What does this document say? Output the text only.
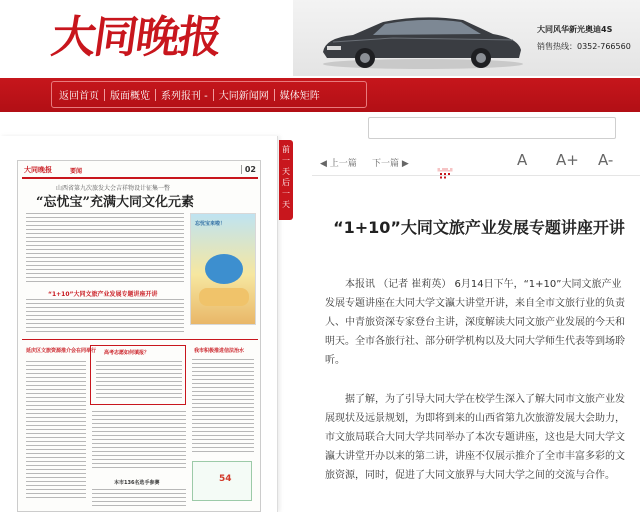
大同晚报	大同风华新光奥迪4S
销售热线：0352-766560
返回首页	版面概览	系列报刊 -	大同新闻网	媒体矩阵
2023年06月15日 星期四
大同晚报	要闻	02
山西省第九次旅发大会吉祥物设计征集一瞥
“忘忧宝”充满大同文化元素
忘忧宝来啦！
“1+10”大同文旅产业发展专题讲座开讲
延庆区文旅资源推介会在同举行 高考志愿如何填报？	我市积极推进信法治水
本市136名选手参赛	54
前
一
天
后
一
天
◀ 上一篇 下一篇 ▶	A A+ A-
“1+10”大同文旅产业发展专题讲座开讲

本报讯 （记者 崔莉英） 6月14日下午，“1+10”大同文旅产业发展专题讲座在大同大学文瀛大讲堂开讲，来自全市文旅行业的负责人、中青旅资深专家登台主讲，深度解读大同文旅产业发展的今天和明天。全市各旅行社、部分研学机构以及大同大学师生代表等到场聆听。

据了解，为了引导大同大学在校学生深入了解大同市文旅产业发展现状及远景规划，为即将到来的山西省第九次旅游发展大会助力，市文旅局联合大同大学共同举办了本次专题讲座，这也是大同大学文瀛大讲堂开办以来的第二讲，讲座不仅展示推介了全市丰富多彩的文旅资源，同时，促进了大同文旅界与大同大学之间的交流与合作。
